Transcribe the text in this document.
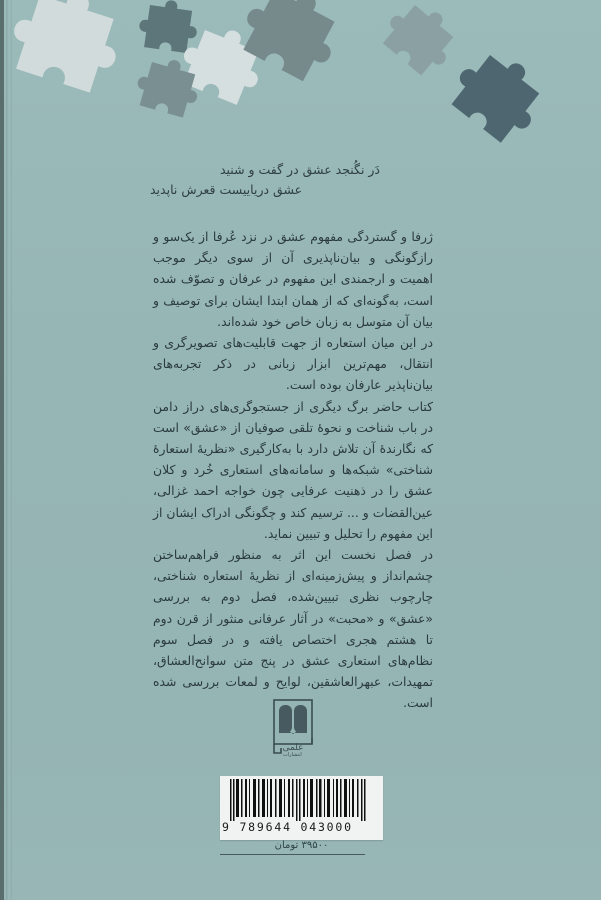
دَر نگُنجد عشق در گفت و شنید
عشق دریاییست قعرش ناپدید

ژرفا و گستردگی مفهوم عشق در نزد عُرفا از یک‌سو و رازگونگی و بیان‌ناپذیری آن از سوی دیگر موجب اهمیت و ارجمندی این مفهوم در عرفان و تصوّف شده است، به‌گونه‌ای که از همان ابتدا ایشان برای توصیف و بیان آن متوسل به زبان خاص خود شده‌اند.

در این میان استعاره از جهت قابلیت‌های تصویرگری و انتقال، مهم‌ترین ابزار زبانی در ذکر تجربه‌های بیان‌ناپذیر عارفان بوده است.

کتاب حاضر برگ دیگری از جستجوگری‌های دراز دامن در باب شناخت و نحوهٔ تلقی صوفیان از «عشق» است که نگارندهٔ آن تلاش دارد با به‌کارگیری «نظریهٔ استعارهٔ شناختی» شبکه‌ها و سامانه‌های استعاری خُرد و کلان عشق را در ذهنیت عرفایی چون خواجه احمد غزالی، عین‌القضات و ... ترسیم کند و چگونگی ادراک ایشان از این مفهوم را تحلیل و تبیین نماید.

در فصل نخست این اثر به منظور فراهم‌ساختن چشم‌انداز و پیش‌زمینه‌ای از نظریهٔ استعاره شناختی، چارچوب نظری تبیین‌شده، فصل دوم به بررسی «عشق» و «محبت» در آثار عرفانی منثور از قرن دوم تا هشتم هجری اختصاص یافته و در فصل سوم نظام‌های استعاری عشق در پنج متن سوانح‌العشاق، تمهیدات، عبهرالعاشقین، لوایح و لمعات بررسی شده است.

علمی
انتشارات
9 789644 043000
۳۹۵۰۰ تومان
